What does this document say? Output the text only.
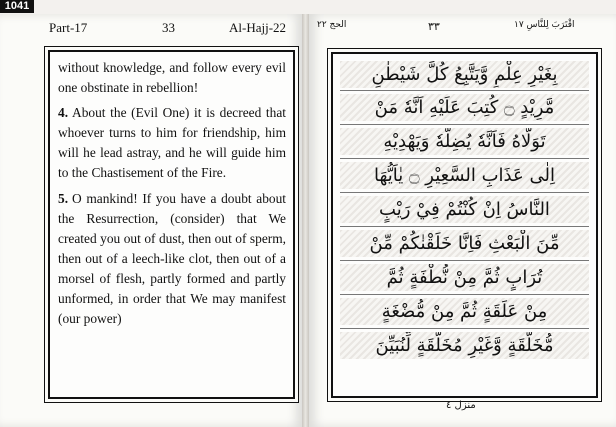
1041
Part-17	33	Al-Hajj-22

without knowledge, and follow every evil one obstinate in rebellion!

4. About the (Evil One) it is decreed that whoever turns to him for friendship, him will he lead astray, and he will guide him to the Chastisement of the Fire.

5. O mankind! If you have a doubt about the Resurrection, (consider) that We created you out of dust, then out of sperm, then out of a leech-like clot, then out of a morsel of flesh, partly formed and partly unformed, in order that We may manifest (our power)

الحج ٢٢	٣٣	اقْتَرَبَ لِلنَّاسِ ١٧
بِغَيْرِ عِلْمٍ وَّيَتَّبِعُ كُلَّ شَيْطٰنٍ
مَّرِيْدٍ ۝ كُتِبَ عَلَيْهِ اَنَّهٗ مَنْ
تَوَلَّاهُ فَاَنَّهٗ يُضِلُّهٗ وَيَهْدِيْهِ
اِلٰى عَذَابِ السَّعِيْرِ ۝ يٰاَيُّهَا
النَّاسُ اِنْ كُنْتُمْ فِيْ رَيْبٍ
مِّنَ الْبَعْثِ فَاِنَّا خَلَقْنٰكُمْ مِّنْ
تُرَابٍ ثُمَّ مِنْ نُّطْفَةٍ ثُمَّ
مِنْ عَلَقَةٍ ثُمَّ مِنْ مُّضْغَةٍ
مُّخَلَّقَةٍ وَّغَيْرِ مُخَلَّقَةٍ لِّنُبَيِّنَ
منزل ٤
